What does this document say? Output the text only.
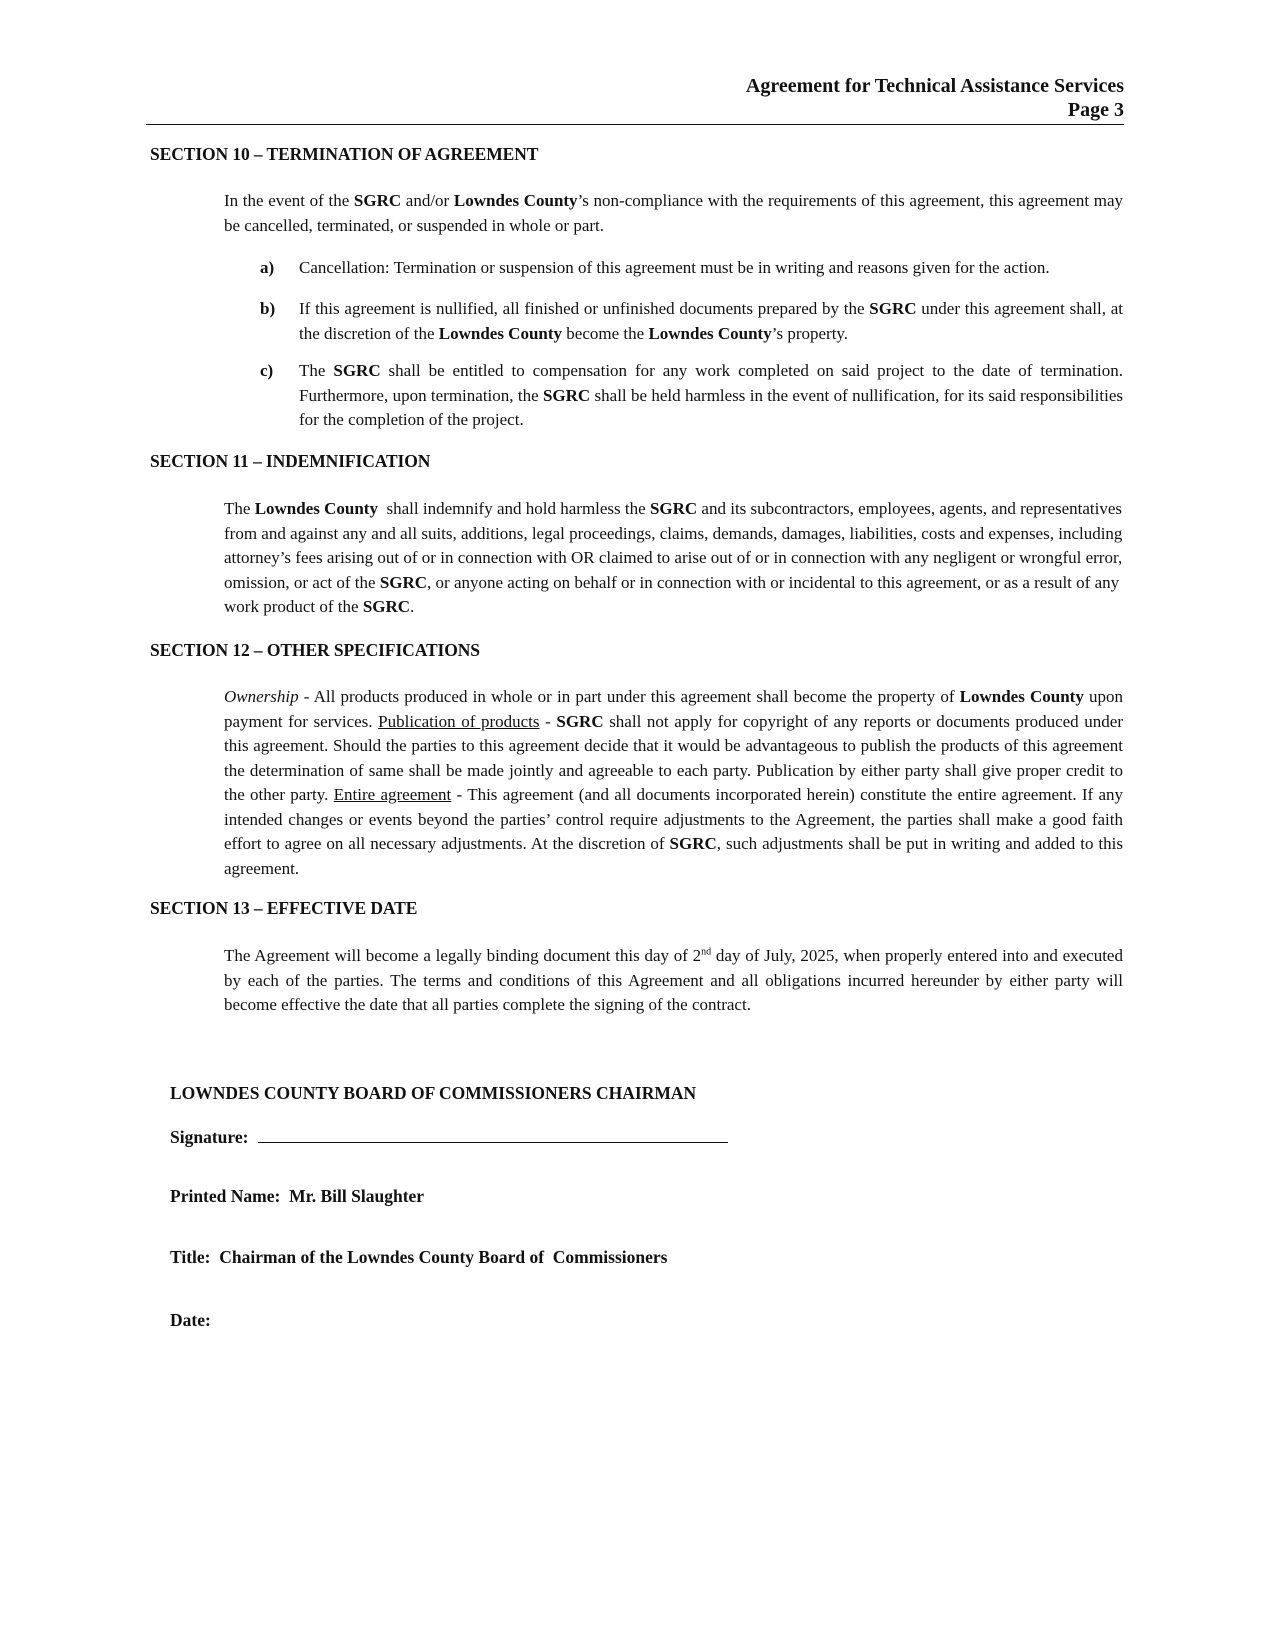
Agreement for Technical Assistance Services
Page 3
SECTION 10 – TERMINATION OF AGREEMENT
In the event of the SGRC and/or Lowndes County’s non-compliance with the requirements of this agreement, this agreement may be cancelled, terminated, or suspended in whole or part.
a) Cancellation: Termination or suspension of this agreement must be in writing and reasons given for the action.
b) If this agreement is nullified, all finished or unfinished documents prepared by the SGRC under this agreement shall, at the discretion of the Lowndes County become the Lowndes County’s property.
c) The SGRC shall be entitled to compensation for any work completed on said project to the date of termination. Furthermore, upon termination, the SGRC shall be held harmless in the event of nullification, for its said responsibilities for the completion of the project.
SECTION 11 – INDEMNIFICATION
The Lowndes County  shall indemnify and hold harmless the SGRC and its subcontractors, employees, agents, and representatives from and against any and all suits, additions, legal proceedings, claims, demands, damages, liabilities, costs and expenses, including attorney’s fees arising out of or in connection with OR claimed to arise out of or in connection with any negligent or wrongful error, omission, or act of the SGRC, or anyone acting on behalf or in connection with or incidental to this agreement, or as a result of any work product of the SGRC.
SECTION 12 – OTHER SPECIFICATIONS
Ownership - All products produced in whole or in part under this agreement shall become the property of Lowndes County upon payment for services. Publication of products - SGRC shall not apply for copyright of any reports or documents produced under this agreement. Should the parties to this agreement decide that it would be advantageous to publish the products of this agreement the determination of same shall be made jointly and agreeable to each party. Publication by either party shall give proper credit to the other party. Entire agreement - This agreement (and all documents incorporated herein) constitute the entire agreement. If any intended changes or events beyond the parties’ control require adjustments to the Agreement, the parties shall make a good faith effort to agree on all necessary adjustments. At the discretion of SGRC, such adjustments shall be put in writing and added to this agreement.
SECTION 13 – EFFECTIVE DATE
The Agreement will become a legally binding document this day of 2nd day of July, 2025, when properly entered into and executed by each of the parties. The terms and conditions of this Agreement and all obligations incurred hereunder by either party will become effective the date that all parties complete the signing of the contract.
LOWNDES COUNTY BOARD OF COMMISSIONERS CHAIRMAN
Signature:
Printed Name: Mr. Bill Slaughter
Title: Chairman of the Lowndes County Board of  Commissioners
Date:
